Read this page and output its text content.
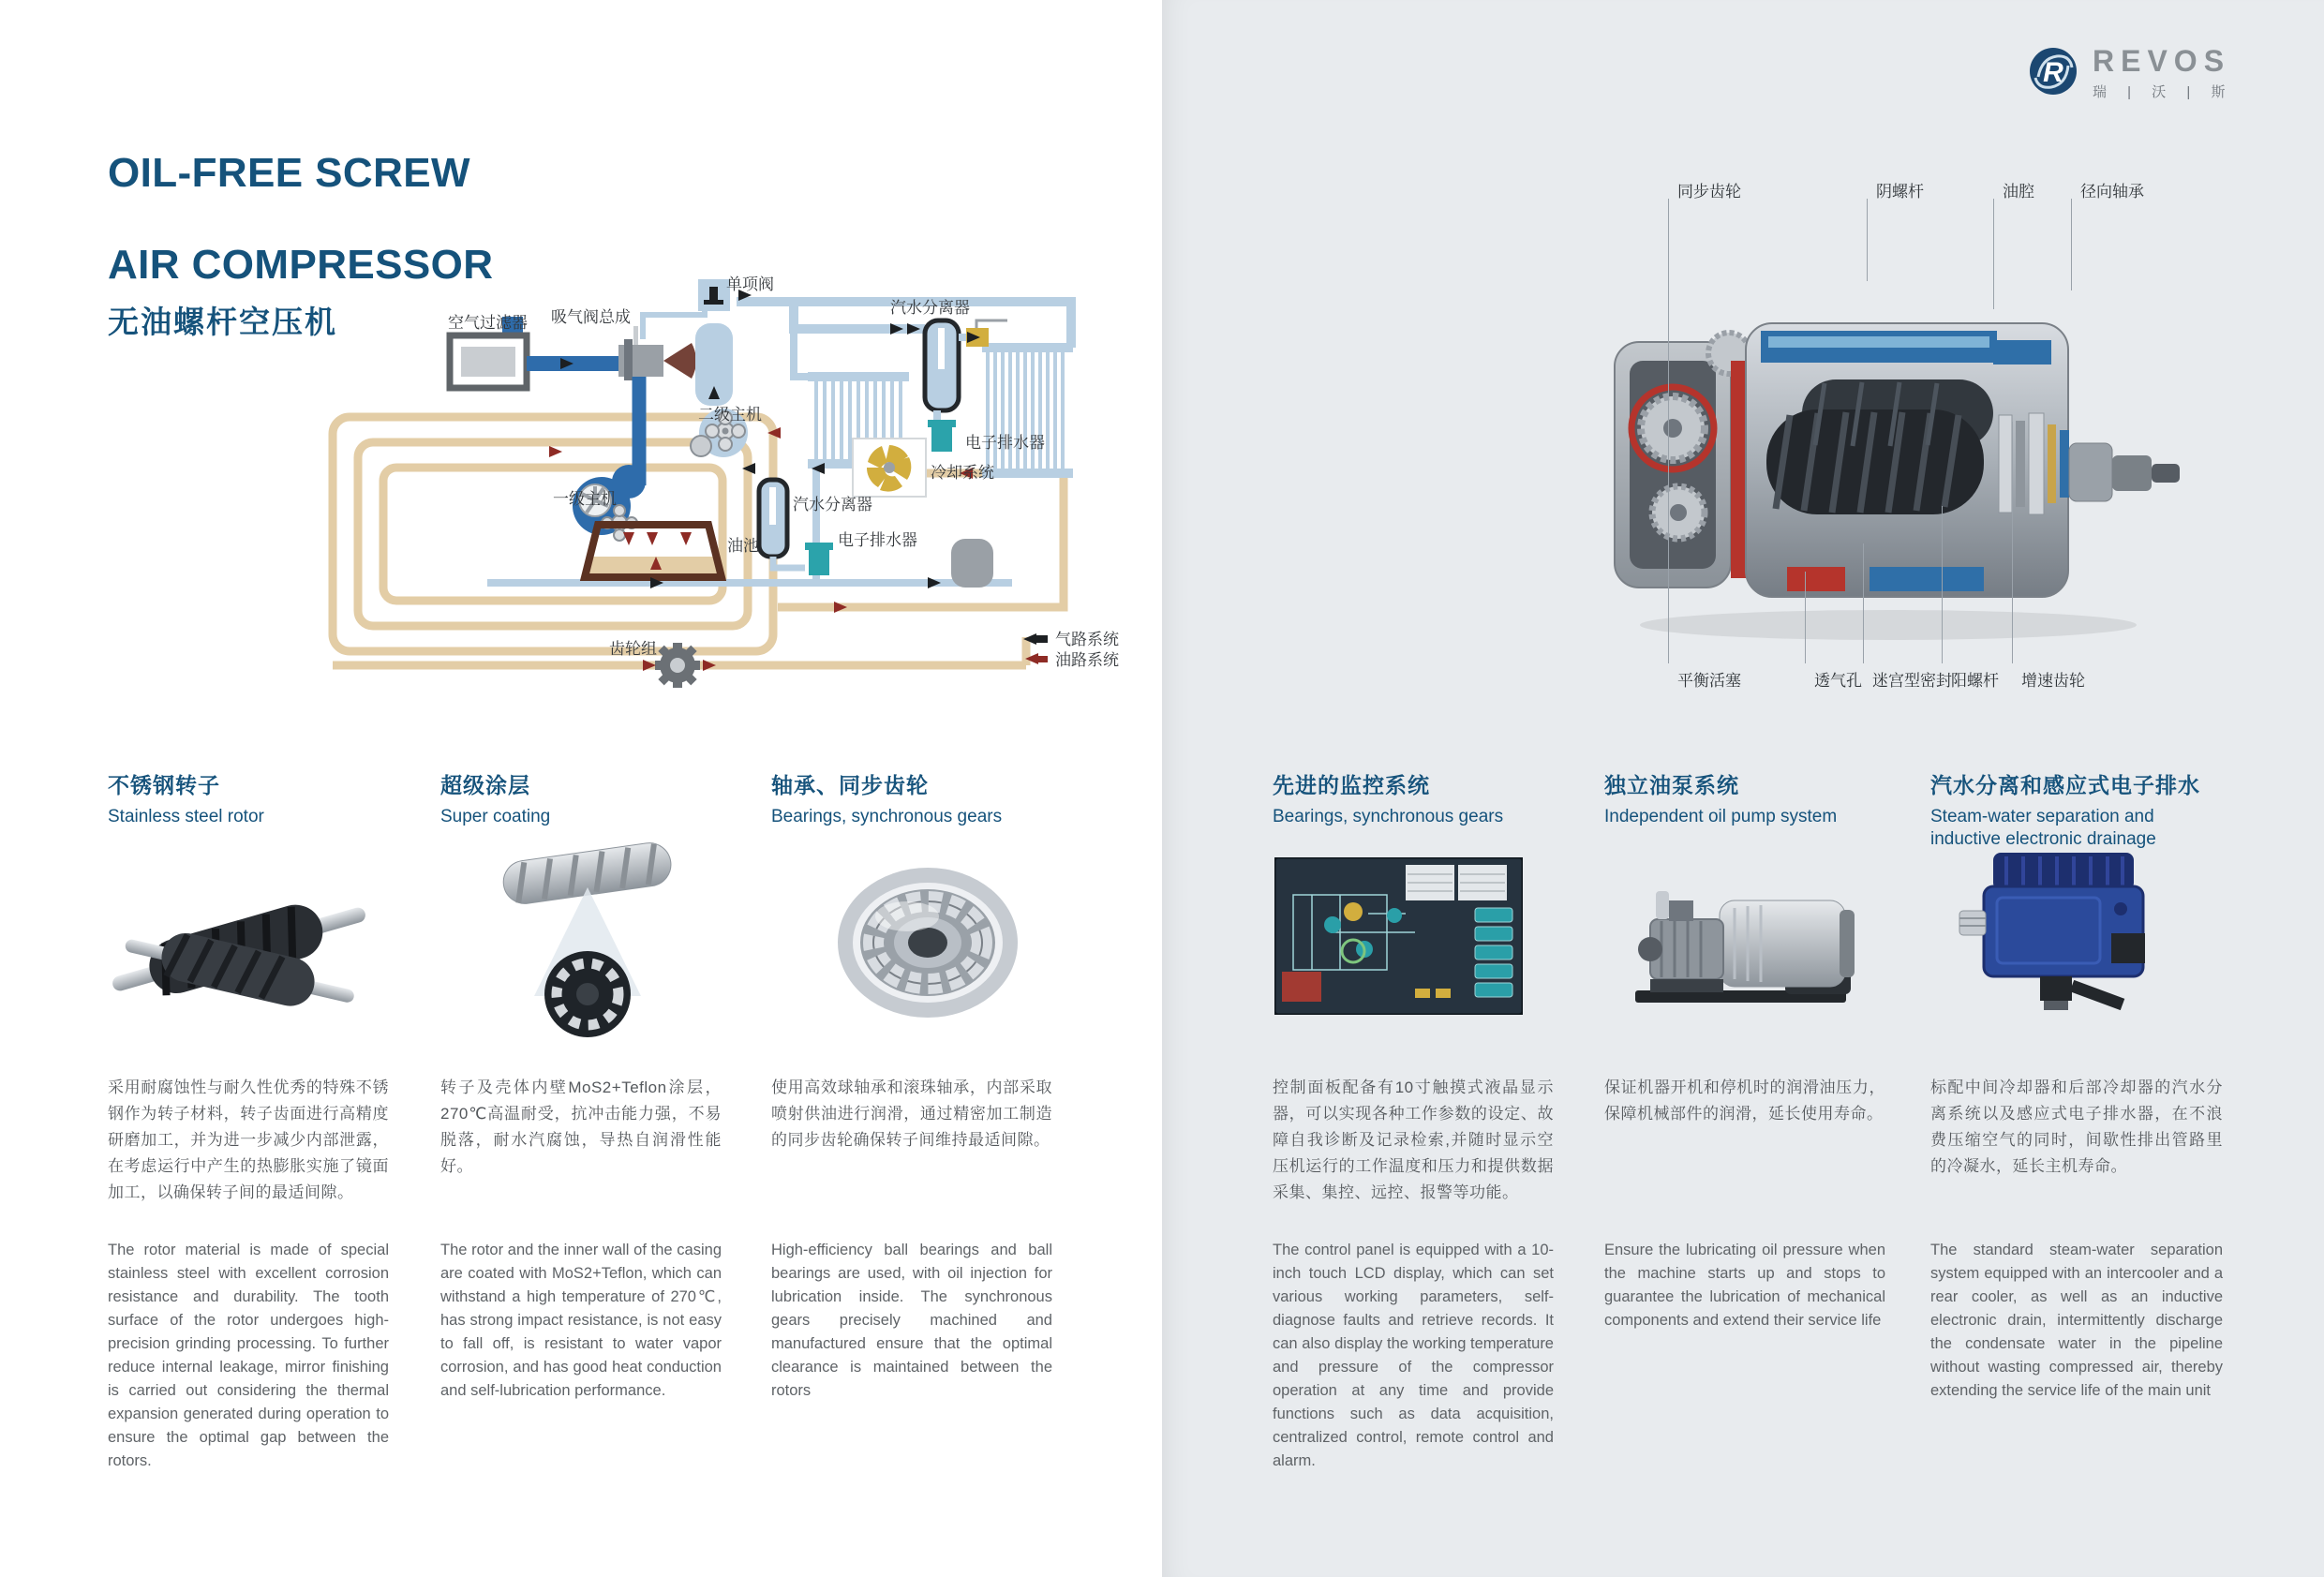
OIL-FREE SCREW

AIR COMPRESSOR
无油螺杆空压机	空气过滤器 吸气阀总成
单项阀
汽水分离器
电子排水器
二级主机
冷却系统
一级主机
油池
汽水分离器
电子排水器
齿轮组
气路系统
油路系统
R REVOS
瑞 | 沃 | 斯
同步齿轮	阴螺杆	油腔	径向轴承
平衡活塞	透气孔 迷宫型密封 阳螺杆 增速齿轮
不锈钢转子
Stainless steel rotor
采用耐腐蚀性与耐久性优秀的特殊不锈钢作为转子材料，转子齿面进行高精度研磨加工，并为进一步减少内部泄露，在考虑运行中产生的热膨胀实施了镜面加工，以确保转子间的最适间隙。
The rotor material is made of special stainless steel with excellent corrosion resistance and durability. The tooth surface of the rotor undergoes high-precision grinding processing. To further reduce internal leakage, mirror finishing is carried out considering the thermal expansion generated during operation to ensure the optimal gap between the rotors.
超级涂层
Super coating
转子及壳体内壁MoS2+Teflon涂层，270℃高温耐受，抗冲击能力强，不易脱落，耐水汽腐蚀，导热自润滑性能好。
The rotor and the inner wall of the casing are coated with MoS2+Teflon, which can withstand a high temperature of 270℃, has strong impact resistance, is not easy to fall off, is resistant to water vapor corrosion, and has good heat conduction and self-lubrication performance.
轴承、同步齿轮
Bearings, synchronous gears
使用高效球轴承和滚珠轴承，内部采取喷射供油进行润滑，通过精密加工制造的同步齿轮确保转子间维持最适间隙。
High-efficiency ball bearings and ball bearings are used, with oil injection for lubrication inside. The synchronous gears precisely machined and manufactured ensure that the optimal clearance is maintained between the rotors
先进的监控系统
Bearings, synchronous gears
控制面板配备有10寸触摸式液晶显示器，可以实现各种工作参数的设定、故障自我诊断及记录检索,并随时显示空压机运行的工作温度和压力和提供数据采集、集控、远控、报警等功能。
The control panel is equipped with a 10-inch touch LCD display, which can set various working parameters, self-diagnose faults and retrieve records. It can also display the working temperature and pressure of the compressor operation at any time and provide functions such as data acquisition, centralized control, remote control and alarm.
独立油泵系统
Independent oil pump system
保证机器开机和停机时的润滑油压力，保障机械部件的润滑，延长使用寿命。
Ensure the lubricating oil pressure when the machine starts up and stops to guarantee the lubrication of mechanical components and extend their service life
汽水分离和感应式电子排水
Steam-water separation and inductive electronic drainage
标配中间冷却器和后部冷却器的汽水分离系统以及感应式电子排水器，在不浪费压缩空气的同时，间歇性排出管路里的冷凝水，延长主机寿命。
The standard steam-water separation system equipped with an intercooler and a rear cooler, as well as an inductive electronic drain, intermittently discharge the condensate water in the pipeline without wasting compressed air, thereby extending the service life of the main unit
